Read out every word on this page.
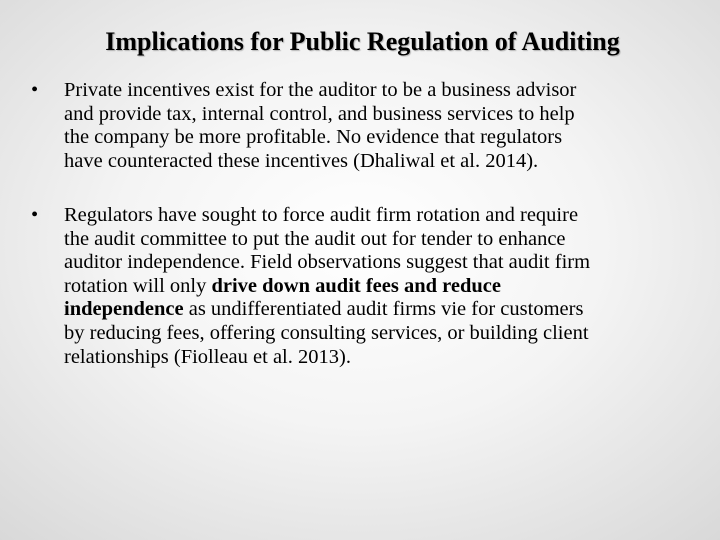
Implications for Public Regulation of Auditing
• Private incentives exist for the auditor to be a business advisor
and provide tax, internal control, and business services to help
the company be more profitable. No evidence that regulators
have counteracted these incentives (Dhaliwal et al. 2014).
• Regulators have sought to force audit firm rotation and require
the audit committee to put the audit out for tender to enhance
auditor independence. Field observations suggest that audit firm
rotation will only drive down audit fees and reduce
independence as undifferentiated audit firms vie for customers
by reducing fees, offering consulting services, or building client
relationships (Fiolleau et al. 2013).
